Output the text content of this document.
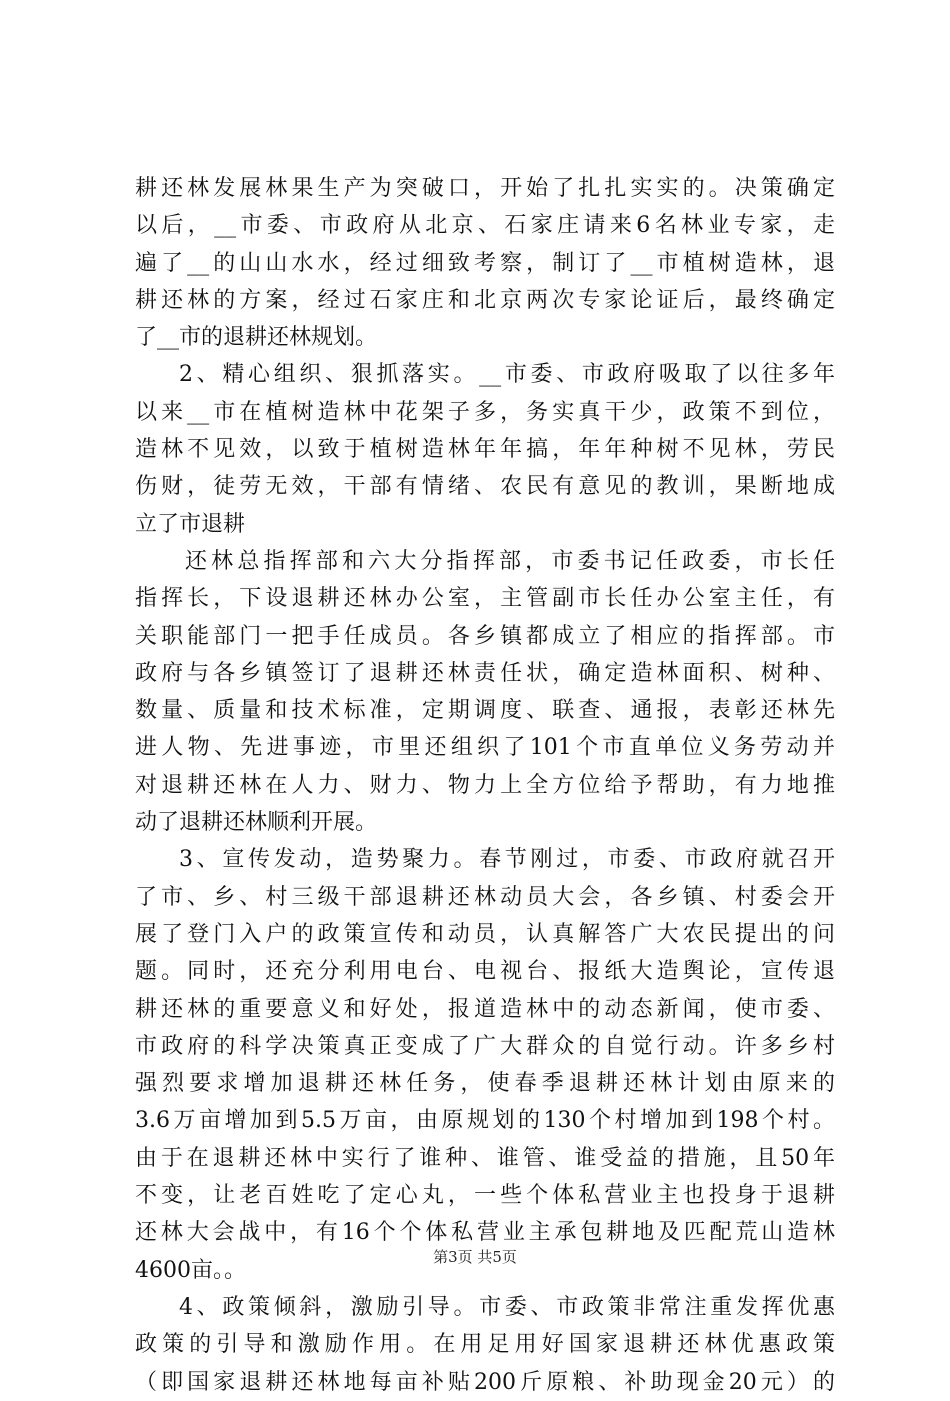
耕还林发展林果生产为突破口，开始了扎扎实实的。决策确定
以后，__市委、市政府从北京、石家庄请来6名林业专家，走
遍了__的山山水水，经过细致考察，制订了__市植树造林，退
耕还林的方案，经过石家庄和北京两次专家论证后，最终确定
了__市的退耕还林规划。
2、精心组织、狠抓落实。__市委、市政府吸取了以往多年
以来__市在植树造林中花架子多，务实真干少，政策不到位，
造林不见效，以致于植树造林年年搞，年年种树不见林，劳民
伤财，徒劳无效，干部有情绪、农民有意见的教训，果断地成
立了市退耕
还林总指挥部和六大分指挥部，市委书记任政委，市长任
指挥长，下设退耕还林办公室，主管副市长任办公室主任，有
关职能部门一把手任成员。各乡镇都成立了相应的指挥部。市
政府与各乡镇签订了退耕还林责任状，确定造林面积、树种、
数量、质量和技术标准，定期调度、联查、通报，表彰还林先
进人物、先进事迹，市里还组织了101个市直单位义务劳动并
对退耕还林在人力、财力、物力上全方位给予帮助，有力地推
动了退耕还林顺利开展。
3、宣传发动，造势聚力。春节刚过，市委、市政府就召开
了市、乡、村三级干部退耕还林动员大会，各乡镇、村委会开
展了登门入户的政策宣传和动员，认真解答广大农民提出的问
题。同时，还充分利用电台、电视台、报纸大造舆论，宣传退
耕还林的重要意义和好处，报道造林中的动态新闻，使市委、
市政府的科学决策真正变成了广大群众的自觉行动。许多乡村
强烈要求增加退耕还林任务，使春季退耕还林计划由原来的
3.6万亩增加到5.5万亩，由原规划的130个村增加到198个村。
由于在退耕还林中实行了谁种、谁管、谁受益的措施，且50年
不变，让老百姓吃了定心丸，一些个体私营业主也投身于退耕
还林大会战中，有16个个体私营业主承包耕地及匹配荒山造林
4600亩。。
4、政策倾斜，激励引导。市委、市政策非常注重发挥优惠
政策的引导和激励作用。在用足用好国家退耕还林优惠政策
（即国家退耕还林地每亩补贴200斤原粮、补助现金20元）的
第3页 共5页
